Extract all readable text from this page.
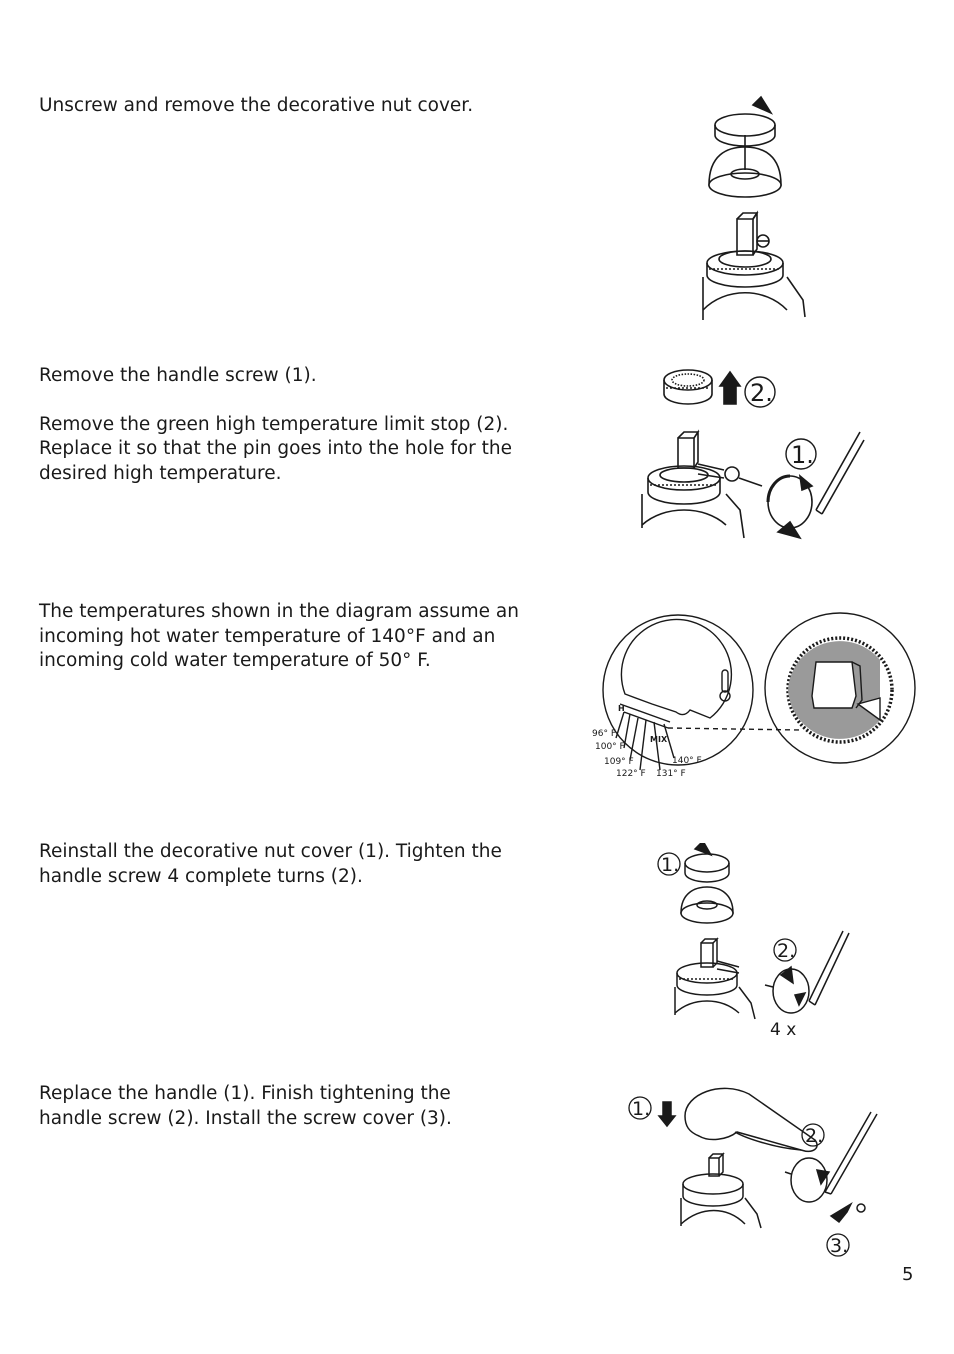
Unscrew and remove the decorative nut cover.

Remove the handle screw (1).

Remove the green high temperature limit stop (2). Replace it so that the pin goes into the hole for the desired high temperature.

The temperatures shown in the diagram assume an incoming hot water temperature of 140°F and an incoming cold water temperature of 50° F.

Reinstall the decorative nut cover (1). Tighten the handle screw 4 complete turns (2).

Replace the handle (1). Finish tightening the handle screw (2). Install the screw cover (3).

2.
1.
H
MIX
96° F
100° F
109° F
122° F 131° F
140° F
1.
2.
4 x
1.
2.
3.
5
